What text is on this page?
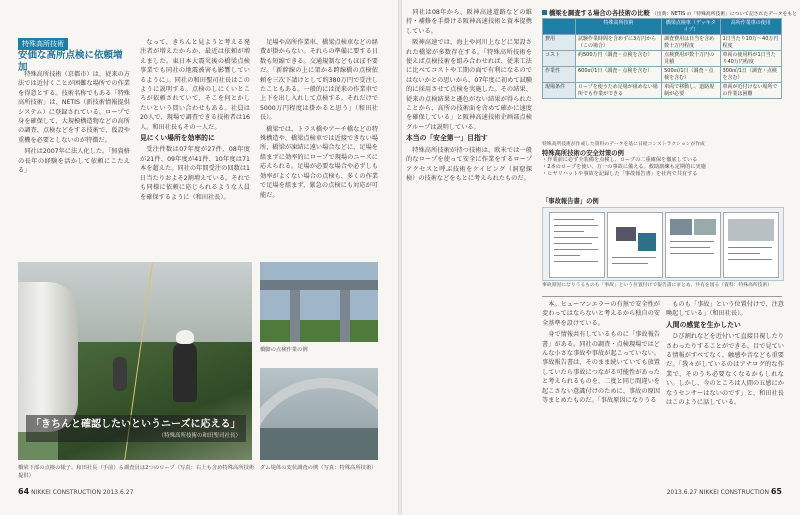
特殊高所技術
安価な高所点検に依頼増加

特殊高所技術（京都市）は、従来の方法では近付くことが困難な場所での作業を得意とする。技術名称でもある「特殊高所技術」は、NETIS（新技術情報提供システム）に登録されている。ロープで身を確保して、大規模構造物などの高所の調査、点検などをする技術で、仮設や重機を必要としないのが特徴だ。

同社は2007年に法人化した。「無資格の長年の経験を活かして依頼にこたえる」

なって、きちんと見ようと考える発注者が増えたからか、最近は依頼が増えました。東日本大震災後の橋梁点検事業でも同社の地震被害も影響しているように」。同社の和田聖司社長はこのように説明する。点検のしにくいところが依頼されていて、そこを何とかしたいという問い合わせもある。社員は20人で、現場で調査できる技術者は16人。和田社長もその一人だ。

見にくい場所を効率的に

受注件数は07年度が27件、08年度が21件、09年度が41件、10年度は71本を超えた。同社の年間受注の回数は1日当たりおよそ2割増えている。それでも同様に依頼に応じられるような人員を確保するように（和田社長）。

足場や高所作業車、橋梁点検車などの経費が掛からない。それらの準備に要する日数も短縮できる。交通規制などもほぼ不要だ。「新幹線の上に架かる跨線橋の点検依頼を三次下請けとして約380万円で受注したこともある。一般的には従来の作業車で上下を出し入れして点検する。それだけで5000万円程度は掛かると思う」（和田社長）。

橋梁では、トラス橋やアーチ橋などの特殊構造や、橋梁点検車では近接できない場所、橋梁が凍結に遠い場合などに、足場を組まずに効率的にロープで現場のニーズに応えられる。足場が必要な場合や必ずしも効率がよくない場合の点検も、多くの作業で足場を組まず、緊急の点検にも対応が可能だ。

「きちんと確認したいというニーズに応える」
（特殊高所技術の和田聖司社長）
橋梁下部の点検の様子。和田社長（手前）ら調査員は2つのロープ（写真：右上も含め特殊高所技術提供）
橋脚の点検作業の例
ダム堤体の変状調査の例（写真：特殊高所技術）
64 NIKKEI CONSTRUCTION 2013.6.27

同社は08年から、阪神高速道路などの維持・補修を手掛ける阪神高速技術と資本提携している。

阪神高速では、海上や河川上などに架設された橋梁が多数存在する。「特殊高所技術を使えば点検技術を組み合わせれば、従来工法に比べてコストや工期の面で有利になるのではないかとの思いから、07年度に初めて試験的に採用させて点検を実施した。その結果、従来の点検結果と遜色がない結果が得られたことから、高所の技術面を含めて確かに速度を確保している」と阪神高速技術企画部点検グループは説明している。

本当の「安全第一」目指す

特殊高所技術が持つ技術は、欧米では一般的なロープを使って安全に作業をするロープアクセスと呼ぶ技術をケイビング（洞窟探検）の技術などをもとに考えられたものだ。

橋梁を調査する場合の各技術の比較 （出典：NETIS の「特殊高所技術」について記されたデータをもと
	特殊高所技術	橋梁点検車（デッキタイプ）	高所作業車の使用
費用	試験作業時間を含めずに3万円から（この場合）	調査費用は日当を含め数十万円程度	1日当たり10万〜40万円程度
コスト	約500万円（調査・点検を含む）	点検費用が数十万円の見積	車両の使用料が1日当たり40万円程度
作業性	600㎡/1日（調査・点検を含む）	500㎡/1日（調査・点検を含む）	300㎡/1日（調査・点検を含む）
現場条件	ロープを使うため足場が組めない場所でも作業ができる	車両で移動し、道路規制が必要	車両が近付けない場所での作業は困難
特殊高所技術が作成した資料のデータを基に日経コンストラクションが作成
特殊高所技術の安全対策の例
・作業前に必ず全装備を点検し、ロープの二重確保を徹底している
・2本のロープを使い、万一の事故に備える。救助訓練も定期的に実施
・ヒヤリハットや事故を記録した「事故報告書」を社内で共有する
「事故報告書」の例
事故原因になりうるものも「事故」という位置付けで報告書にまとめ、共有を図る（資料：特殊高所技術）

本。ヒューマンエラーの有無で安全性が変わってはならないと考えるから独自の安全基準を設けている。

身で情報共有しているものに「事故報告書」がある。同社の調査・点検現場ではどんな小さな事故や事故が起こっていない。事故報告書は、そのまま続いていても放置していたら事故につながる可能性があったと考えられるものを、二度と同じ間違いを起こさない意識付けのために、事故の原因等まとめたものだ。「事故原因になりうる

ものも「事故」という位置付けで、注意喚起している」（和田社長）。

人間の感覚を生かしたい

ひび割れなどを近付いて直接目視したりさわったりすることができる。目で見ている情報がすべてなく、触感や音なども重要だ。「我々がしているのはアナログ的な作業で、そのうち必要なくなるかもしれない。しかし、今のところは人間の五感にかなうセンサーはないのです」と、和田社長はこのように話している。

2013.6.27 NIKKEI CONSTRUCTION 65
